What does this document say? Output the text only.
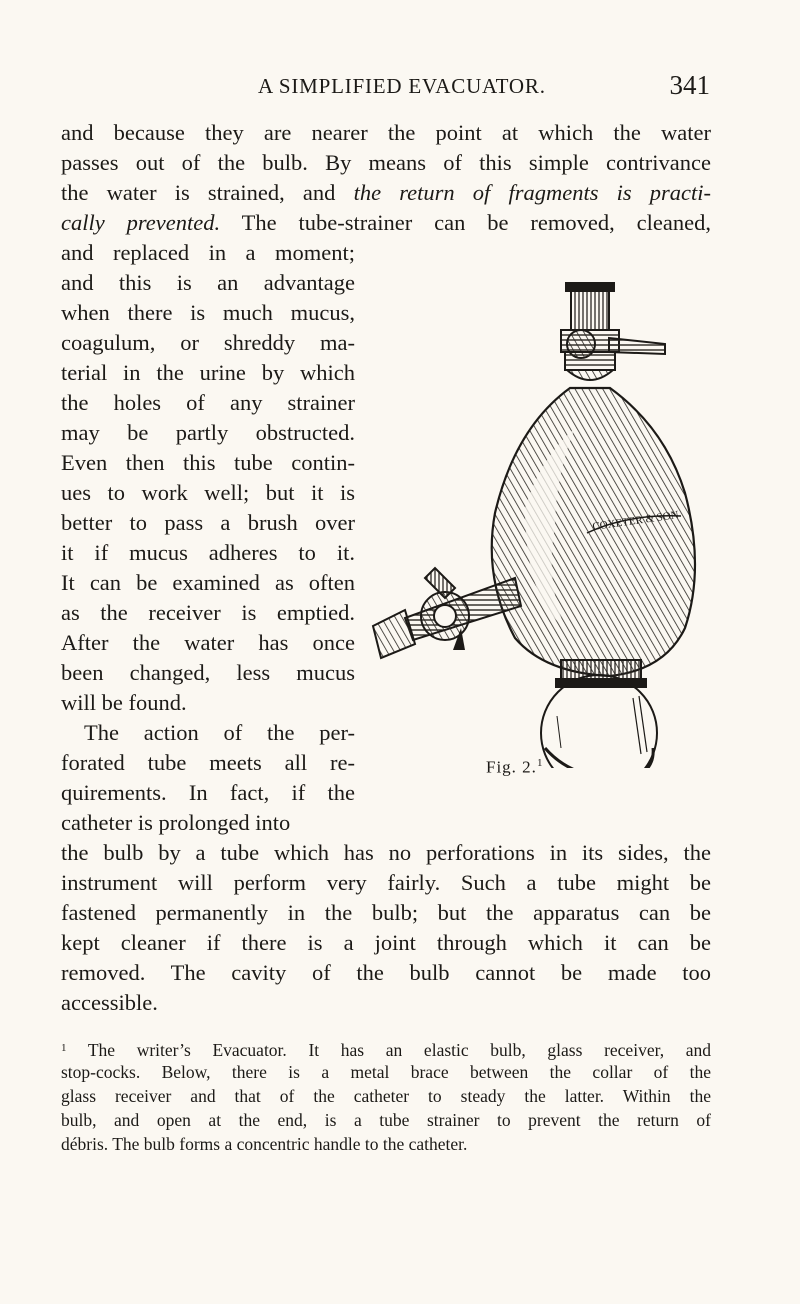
A SIMPLIFIED EVACUATOR.	341
and because they are nearer the point at which the water
passes out of the bulb. By means of this simple contrivance
the water is strained, and the return of fragments is practi-
cally prevented. The tube-strainer can be removed, cleaned,
and replaced in a moment;
and this is an advantage
when there is much mucus,
coagulum, or shreddy ma-
terial in the urine by which
the holes of any strainer
may be partly obstructed.
Even then this tube contin-
ues to work well; but it is
better to pass a brush over
it if mucus adheres to it.
It can be examined as often
as the receiver is emptied.
After the water has once
been changed, less mucus
will be found.
The action of the per-
forated tube meets all re-
quirements. In fact, if the
catheter is prolonged into
the bulb by a tube which has no perforations in its sides, the
instrument will perform very fairly. Such a tube might be
fastened permanently in the bulb; but the apparatus can be
kept cleaner if there is a joint through which it can be
removed. The cavity of the bulb cannot be made too
accessible.
COXETER & SON
Fig. 2.$^1$
$^1$ The writer’s Evacuator. It has an elastic bulb, glass receiver, and
stop-cocks. Below, there is a metal brace between the collar of the
glass receiver and that of the catheter to steady the latter. Within the
bulb, and open at the end, is a tube strainer to prevent the return of
débris. The bulb forms a concentric handle to the catheter.
